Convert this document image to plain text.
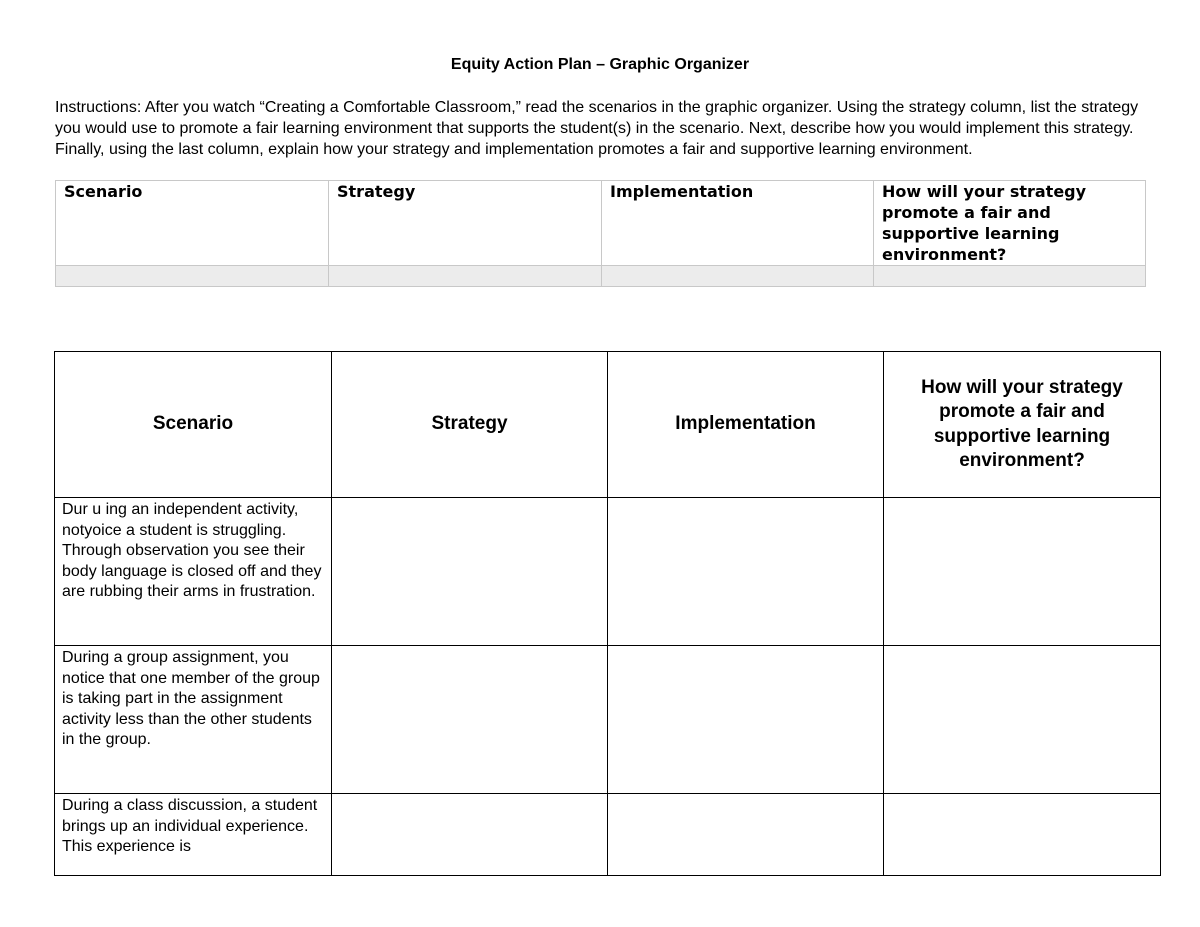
Equity Action Plan – Graphic Organizer

Instructions: After you watch “Creating a Comfortable Classroom,” read the scenarios in the graphic organizer. Using the strategy column, list the strategy you would use to promote a fair learning environment that supports the student(s) in the scenario. Next, describe how you would implement this strategy. Finally, using the last column, explain how your strategy and implementation promotes a fair and supportive learning environment.

Scenario	Strategy	Implementation	How will your strategy promote a fair and supportive learning environment?

Scenario	Strategy	Implementation	How will your strategy promote a fair and supportive learning environment?
Dur u ing an independent activity, notyoice a student is struggling. Through observation you see their body language is closed off and they are rubbing their arms in frustration.			
During a group assignment, you notice that one member of the group is taking part in the assignment activity less than the other students in the group.			
During a class discussion, a student brings up an individual experience. This experience is			
